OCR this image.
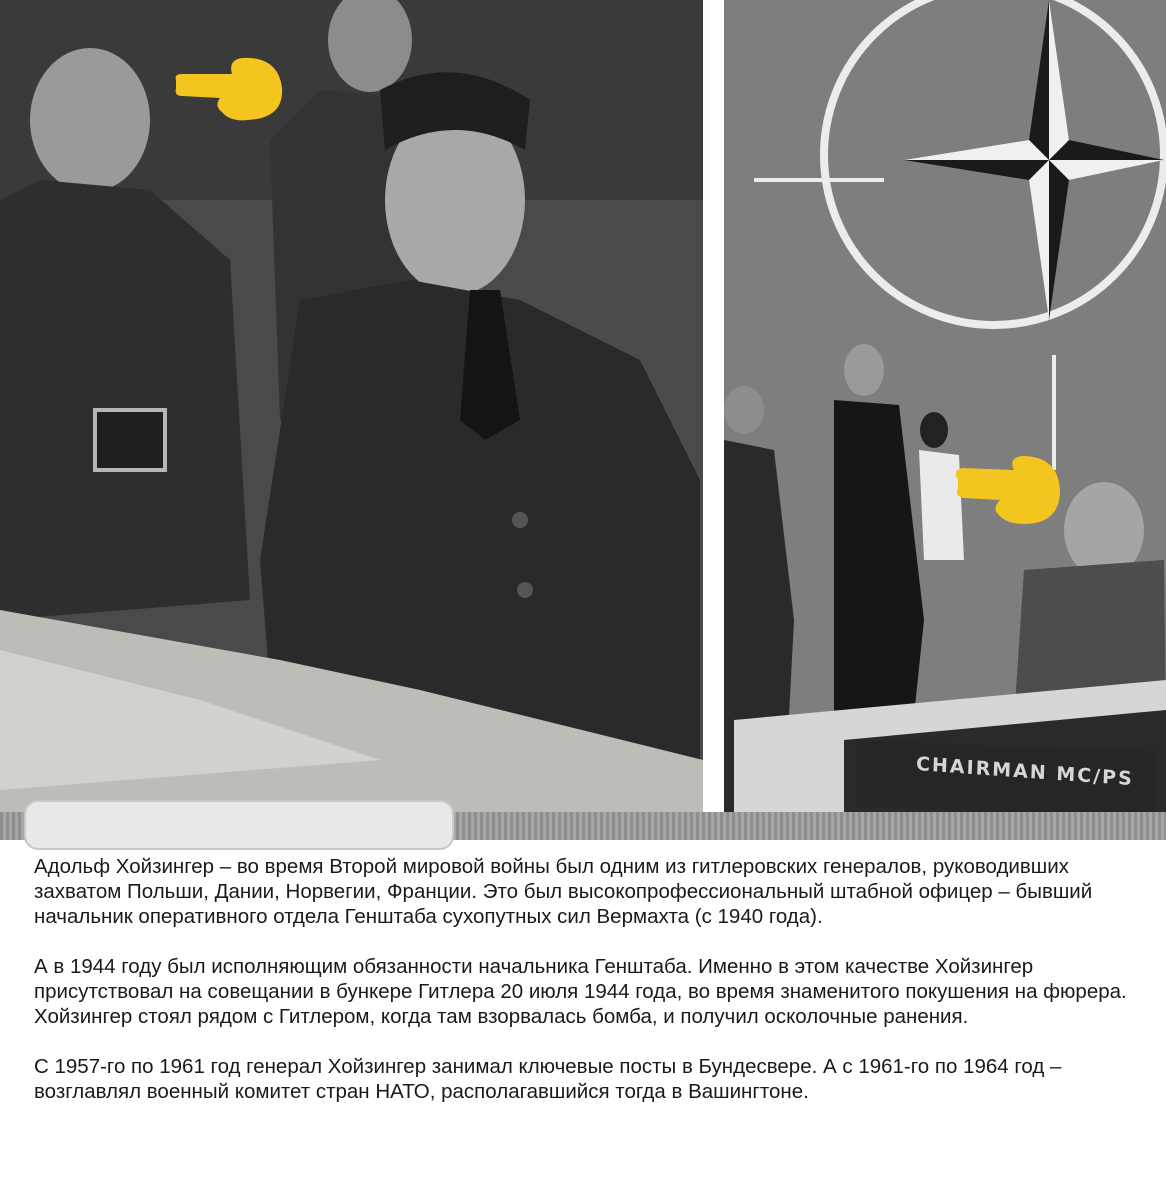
CHAIRMAN MC/PS

Адольф Хойзингер – во время Второй мировой войны был одним из гитлеровских генералов, руководивших захватом Польши, Дании, Норвегии, Франции. Это был высокопрофессиональный штабной офицер – бывший начальник оперативного отдела Генштаба сухопутных сил Вермахта (с 1940 года).

А в 1944 году был исполняющим обязанности начальника Генштаба. Именно в этом качестве Хойзингер присутствовал на совещании в бункере Гитлера 20 июля 1944 года, во время знаменитого покушения на фюрера. Хойзингер стоял рядом с Гитлером, когда там взорвалась бомба, и получил осколочные ранения.

С 1957-го по 1961 год генерал Хойзингер занимал ключевые посты в Бундесвере. А с 1961-го по 1964 год – возглавлял военный комитет стран НАТО, располагавшийся тогда в Вашингтоне.
